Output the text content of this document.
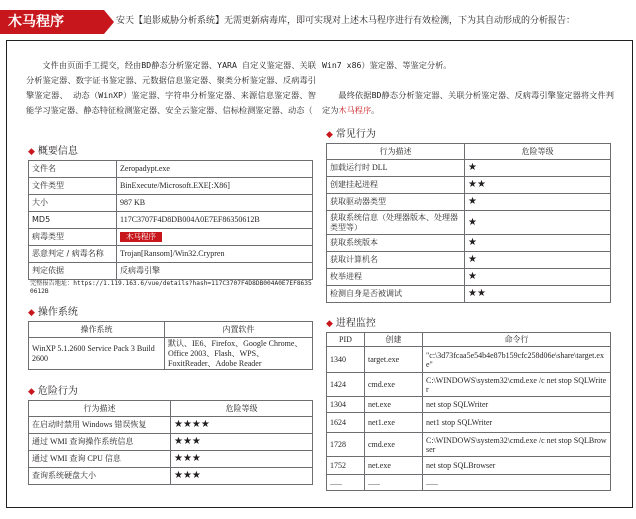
木马程序	安天【追影威胁分析系统】无需更新病毒库，即可实现对上述木马程序进行有效检测，下为其自动形成的分析报告：

文件由页面手工提交，经由BD静态分析鉴定器、YARA 自定义鉴定器、关联分析鉴定器、数字证书鉴定器、元数据信息鉴定器、聚类分析鉴定器、反病毒引擎鉴定器、 动态（WinXP）鉴定器、字符串分析鉴定器、来源信息鉴定器、智能学习鉴定器、静态特征检测鉴定器、安全云鉴定器、信标检测鉴定器、动态（

Win7 x86）鉴定器、等鉴定分析。

最终依据BD静态分析鉴定器、关联分析鉴定器、反病毒引擎鉴定器将文件判定为木马程序。

◆ 概要信息
文件名	Zeropadypt.exe
文件类型	BinExecute/Microsoft.EXE[:X86]
大小	987 KB
MD5	117C3707F4D8DB004A0E7EF86350612B
病毒类型	木马程序
恶意判定 / 病毒名称	Trojan[Ransom]/Win32.Crypren
判定依据	反病毒引擎
完整报告地址：https://1.119.163.6/vue/details?hash=117C3707F4D8DB004A0E7EF86350612B
◆ 操作系统
操作系统	内置软件
WinXP 5.1.2600 Service Pack 3 Build 2600	默认、IE6、Firefox、Google Chrome、Office 2003、Flash、WPS、FoxitReader、Adobe Reader
◆ 危险行为
行为描述	危险等级
在启动时禁用 Windows 错误恢复	★★★★
通过 WMI 查询操作系统信息	★★★
通过 WMI 查询 CPU 信息	★★★
查询系统硬盘大小	★★★
◆ 常见行为
行为描述	危险等级
加载运行时 DLL	★
创建挂起进程	★★
获取驱动器类型	★
获取系统信息（处理器版本、处理器类型等）	★
获取系统版本	★
获取计算机名	★
枚举进程	★
检测自身是否被调试	★★
◆ 进程监控
PID	创建	命令行
1340	target.exe	"c:\3d73fcaa5e54b4e87b159cfc258d06e\share\target.exe"
1424	cmd.exe	C:\WINDOWS\system32\cmd.exe /c net stop SQLWriter
1304	net.exe	net stop SQLWriter
1624	net1.exe	net1 stop SQLWriter
1728	cmd.exe	C:\WINDOWS\system32\cmd.exe /c net stop SQLBrowser
1752	net.exe	net stop SQLBrowser
......	......	......
